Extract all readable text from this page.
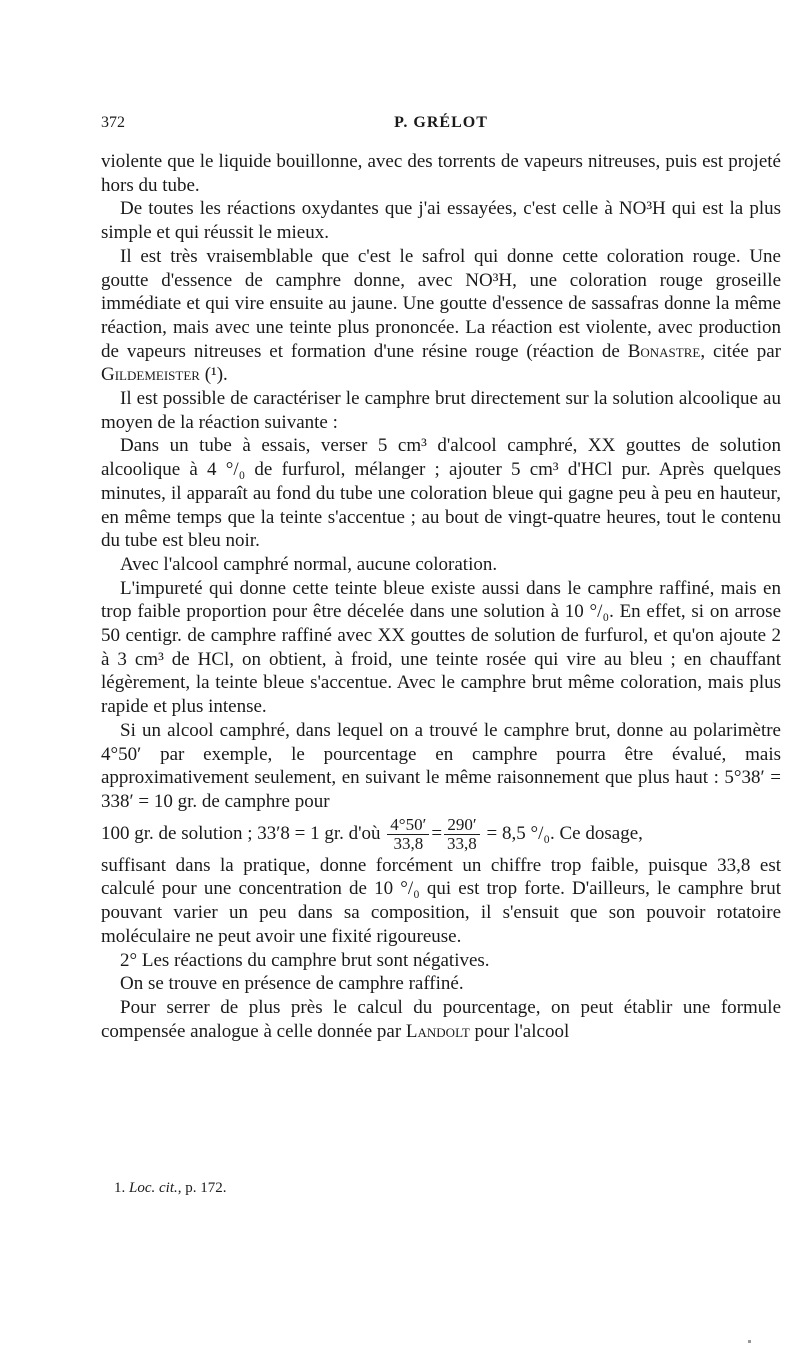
372	P. GRÉLOT

violente que le liquide bouillonne, avec des torrents de vapeurs nitreuses, puis est projeté hors du tube.

De toutes les réactions oxydantes que j'ai essayées, c'est celle à NO³H qui est la plus simple et qui réussit le mieux.

Il est très vraisemblable que c'est le safrol qui donne cette coloration rouge. Une goutte d'essence de camphre donne, avec NO³H, une coloration rouge groseille immédiate et qui vire ensuite au jaune. Une goutte d'essence de sassafras donne la même réaction, mais avec une teinte plus prononcée. La réaction est violente, avec production de vapeurs nitreuses et formation d'une résine rouge (réaction de Bonastre, citée par Gildemeister (¹).

Il est possible de caractériser le camphre brut directement sur la solution alcoolique au moyen de la réaction suivante :

Dans un tube à essais, verser 5 cm³ d'alcool camphré, XX gouttes de solution alcoolique à 4 °/₀ de furfurol, mélanger ; ajouter 5 cm³ d'HCl pur. Après quelques minutes, il apparaît au fond du tube une coloration bleue qui gagne peu à peu en hauteur, en même temps que la teinte s'accentue ; au bout de vingt-quatre heures, tout le contenu du tube est bleu noir.

Avec l'alcool camphré normal, aucune coloration.

L'impureté qui donne cette teinte bleue existe aussi dans le camphre raffiné, mais en trop faible proportion pour être décelée dans une solution à 10 °/₀. En effet, si on arrose 50 centigr. de camphre raffiné avec XX gouttes de solution de furfurol, et qu'on ajoute 2 à 3 cm³ de HCl, on obtient, à froid, une teinte rosée qui vire au bleu ; en chauffant légèrement, la teinte bleue s'accentue. Avec le camphre brut même coloration, mais plus rapide et plus intense.

Si un alcool camphré, dans lequel on a trouvé le camphre brut, donne au polarimètre 4°50′ par exemple, le pourcentage en camphre pourra être évalué, mais approximativement seulement, en suivant le même raisonnement que plus haut : 5°38′ = 338′ = 10 gr. de camphre pour

100 gr. de solution ; 33′8 = 1 gr. d'où $\frac{4^\circ 50'}{33,8} = \frac{290'}{33,8} = 8,5$ °/₀. Ce dosage,

suffisant dans la pratique, donne forcément un chiffre trop faible, puisque 33,8 est calculé pour une concentration de 10 °/₀ qui est trop forte. D'ailleurs, le camphre brut pouvant varier un peu dans sa composition, il s'ensuit que son pouvoir rotatoire moléculaire ne peut avoir une fixité rigoureuse.

2° Les réactions du camphre brut sont négatives.

On se trouve en présence de camphre raffiné.

Pour serrer de plus près le calcul du pourcentage, on peut établir une formule compensée analogue à celle donnée par Landolt pour l'alcool

1. Loc. cit., p. 172.
